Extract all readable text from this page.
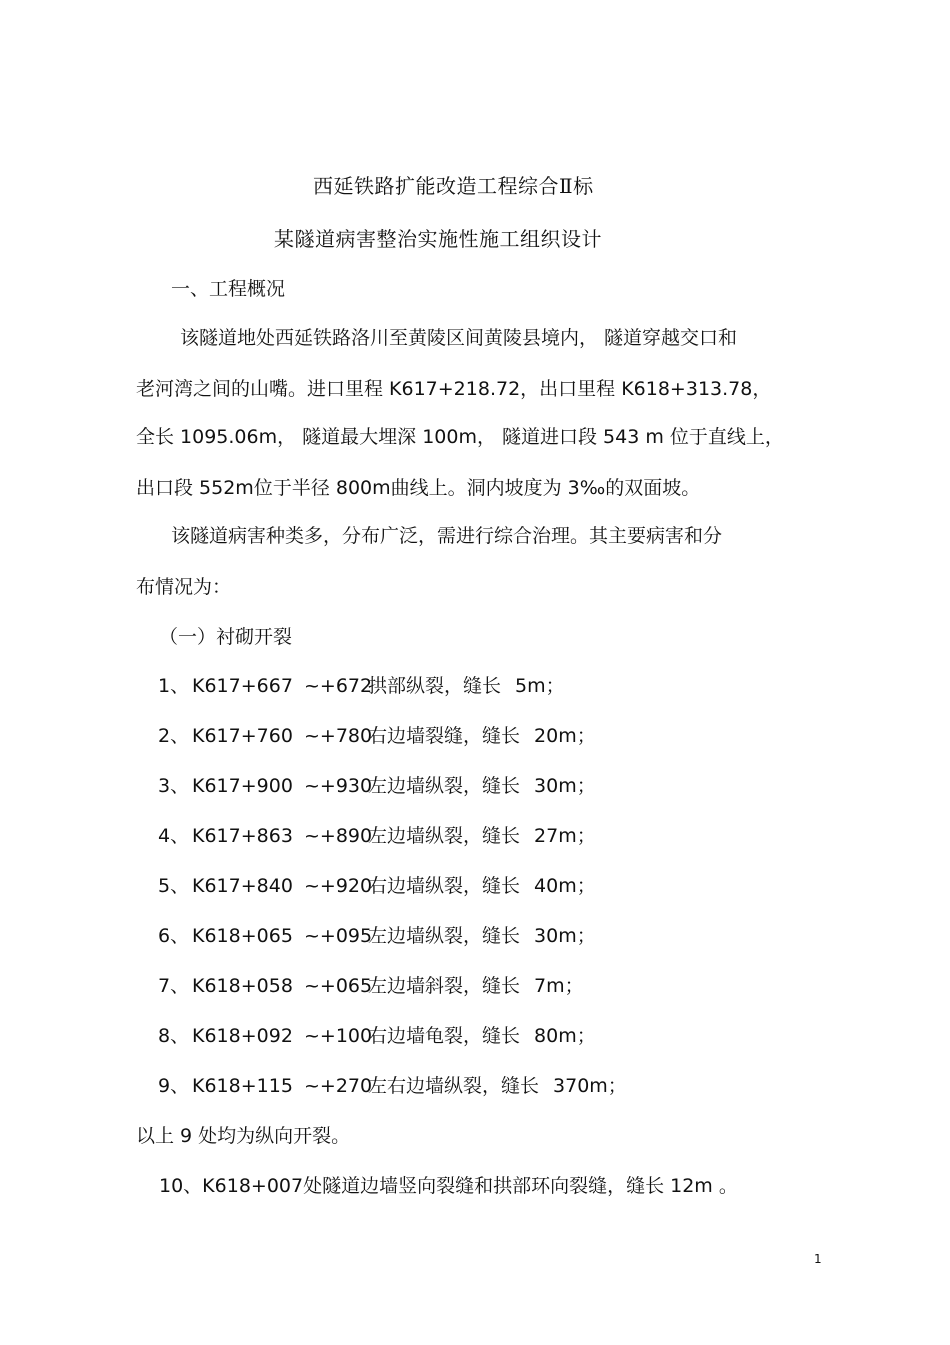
西延铁路扩能改造工程综合Ⅱ标
某隧道病害整治实施性施工组织设计
一、工程概况
该隧道地处西延铁路洛川至黄陵区间黄陵县境内， 隧道穿越交口和
老河湾之间的山嘴。进口里程 K617+218.72，出口里程 K618+313.78，
全长 1095.06m， 隧道最大埋深 100m， 隧道进口段 543 m 位于直线上，
出口段 552m位于半径 800m曲线上。洞内坡度为 3‰的双面坡。
该隧道病害种类多，分布广泛，需进行综合治理。其主要病害和分
布情况为：
（一）衬砌开裂
1、 K617+667 ~+672
拱部纵裂，缝长 5m；
2、 K617+760 ~+780
右边墙裂缝，缝长 20m；
3、 K617+900 ~+930
左边墙纵裂，缝长 30m；
4、 K617+863 ~+890
左边墙纵裂，缝长 27m；
5、 K617+840 ~+920
右边墙纵裂，缝长 40m；
6、 K618+065 ~+095
左边墙纵裂，缝长 30m；
7、 K618+058 ~+065
左边墙斜裂，缝长 7m；
8、 K618+092 ~+100
右边墙龟裂，缝长 80m；
9、 K618+115 ~+270
左右边墙纵裂，缝长 370m；
以上 9 处均为纵向开裂。
10、K618+007处隧道边墙竖向裂缝和拱部环向裂缝，缝长 12m 。
1
